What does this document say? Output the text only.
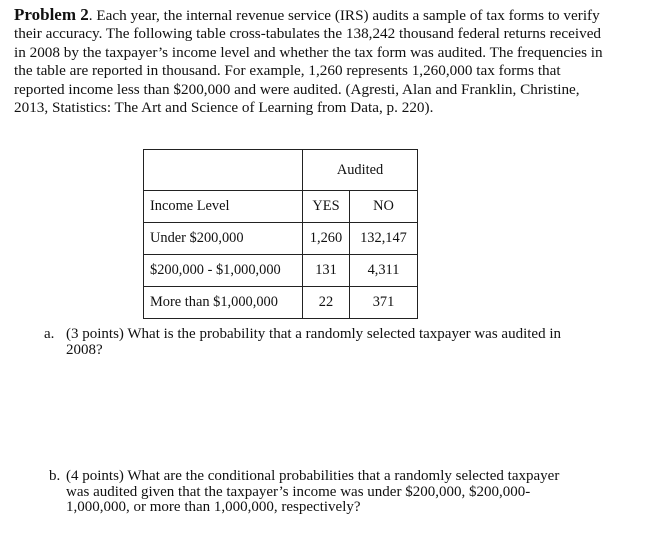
Problem 2. Each year, the internal revenue service (IRS) audits a sample of tax forms to verify their accuracy. The following table cross-tabulates the 138,242 thousand federal returns received in 2008 by the taxpayer’s income level and whether the tax form was audited. The frequencies in the table are reported in thousand. For example, 1,260 represents 1,260,000 tax forms that reported income less than $200,000 and were audited. (Agresti, Alan and Franklin, Christine, 2013, Statistics: The Art and Science of Learning from Data, p. 220).
	Audited	
Income Level	YES	NO
Under $200,000	1,260	132,147
$200,000 - $1,000,000	131	4,311
More than $1,000,000	22	371
a. (3 points) What is the probability that a randomly selected taxpayer was audited in 2008?
b. (4 points) What are the conditional probabilities that a randomly selected taxpayer was audited given that the taxpayer’s income was under $200,000, $200,000-1,000,000, or more than 1,000,000, respectively?
